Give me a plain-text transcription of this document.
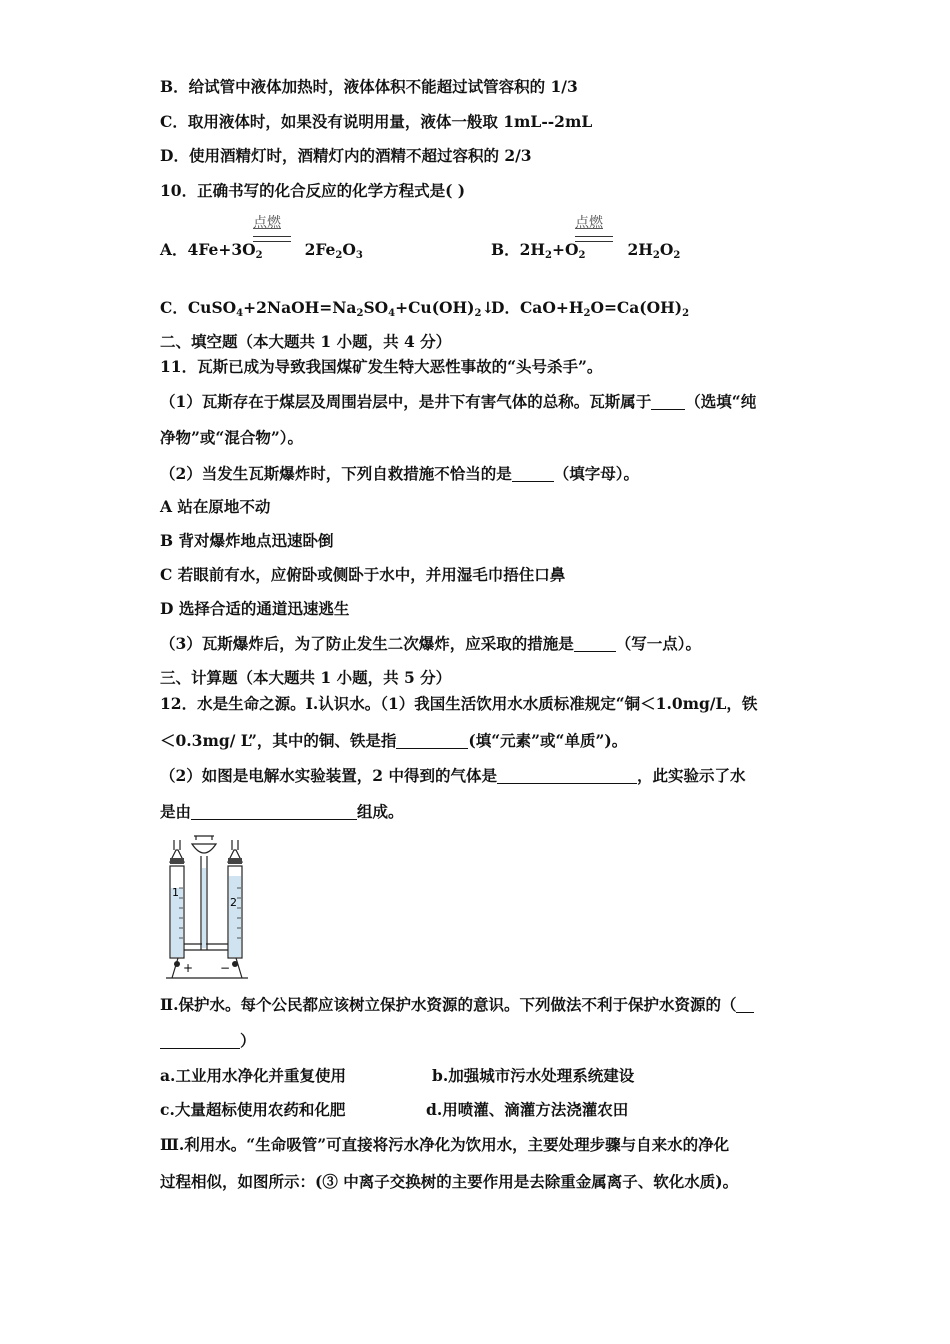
B．给试管中液体加热时，液体体积不能超过试管容积的 1/3
C．取用液体时，如果没有说明用量，液体一般取 1mL--2mL
D．使用酒精灯时，酒精灯内的酒精不超过容积的 2/3
10．正确书写的化合反应的化学方程式是( )
点燃
A．$4Fe+3O_2$	$2Fe_2O_3$
点燃
B．$2H_2+O_2$	$2H_2O_2$
C．$CuSO_4+2NaOH=Na_2SO_4+Cu(OH)_2↓$
D．$CaO+H_2O=Ca(OH)_2$
二、填空题（本大题共 1 小题，共 4 分）
11．瓦斯已成为导致我国煤矿发生特大恶性事故的“头号杀手”。
（1）瓦斯存在于煤层及周围岩层中，是井下有害气体的总称。瓦斯属于 （选填“纯
净物”或“混合物”）。
（2）当发生瓦斯爆炸时，下列自救措施不恰当的是	（填字母）。
A 站在原地不动
B 背对爆炸地点迅速卧倒
C 若眼前有水，应俯卧或侧卧于水中，并用湿毛巾捂住口鼻
D 选择合适的通道迅速逃生
（3）瓦斯爆炸后，为了防止发生二次爆炸，应采取的措施是	（写一点）。
三、计算题（本大题共 1 小题，共 5 分）
12．水是生命之源。Ⅰ.认识水。（1）我国生活饮用水水质标准规定“铜＜1.0mg/L，铁
＜0.3mg/ L”，其中的铜、铁是指	(填“元素”或“单质”)。
（2）如图是电解水实验装置，2 中得到的气体是	，此实验示了水
是由	组成。
1
2
+ −
Ⅱ.保护水。每个公民都应该树立保护水资源的意识。下列做法不利于保护水资源的（
）
a.工业用水净化并重复使用	b.加强城市污水处理系统建设
c.大量超标使用农药和化肥	d.用喷灌、滴灌方法浇灌农田
Ⅲ.利用水。“生命吸管”可直接将污水净化为饮用水，主要处理步骤与自来水的净化
过程相似，如图所示：(③ 中离子交换树的主要作用是去除重金属离子、软化水质)。
